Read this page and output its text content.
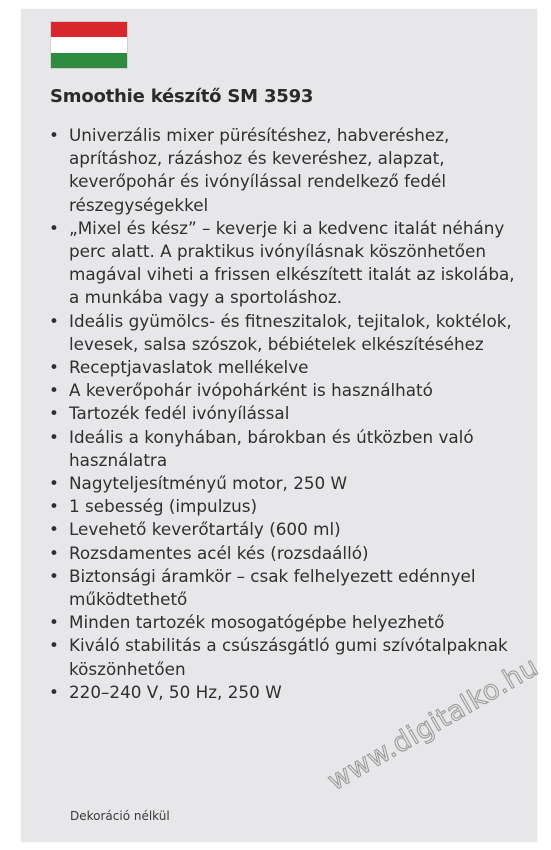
Smoothie készítő SM 3593
• Univerzális mixer pürésítéshez, habveréshez, aprításhoz, rázáshoz és keveréshez, alapzat, keverőpohár és ivónyílással rendelkező fedél részegységekkel
• „Mixel és kész” – keverje ki a kedvenc italát néhány perc alatt. A praktikus ivónyílásnak köszönhetően magával viheti a frissen elkészített italát az iskolába, a munkába vagy a sportoláshoz.
• Ideális gyümölcs- és fitneszitalok, tejitalok, koktélok, levesek, salsa szószok, bébiételek elkészítéséhez
• Receptjavaslatok mellékelve
• A keverőpohár ivópohárként is használható
• Tartozék fedél ivónyílással
• Ideális a konyhában, bárokban és útközben való használatra
• Nagyteljesítményű motor, 250 W
• 1 sebesség (impulzus)
• Levehető keverőtartály (600 ml)
• Rozsdamentes acél kés (rozsdaálló)
• Biztonsági áramkör – csak felhelyezett edénnyel működtethető
• Minden tartozék mosogatógépbe helyezhető
• Kiváló stabilitás a csúszásgátló gumi szívótalpaknak köszönhetően
• 220–240 V, 50 Hz, 250 W
Dekoráció nélkül
www.digitalko.hu
